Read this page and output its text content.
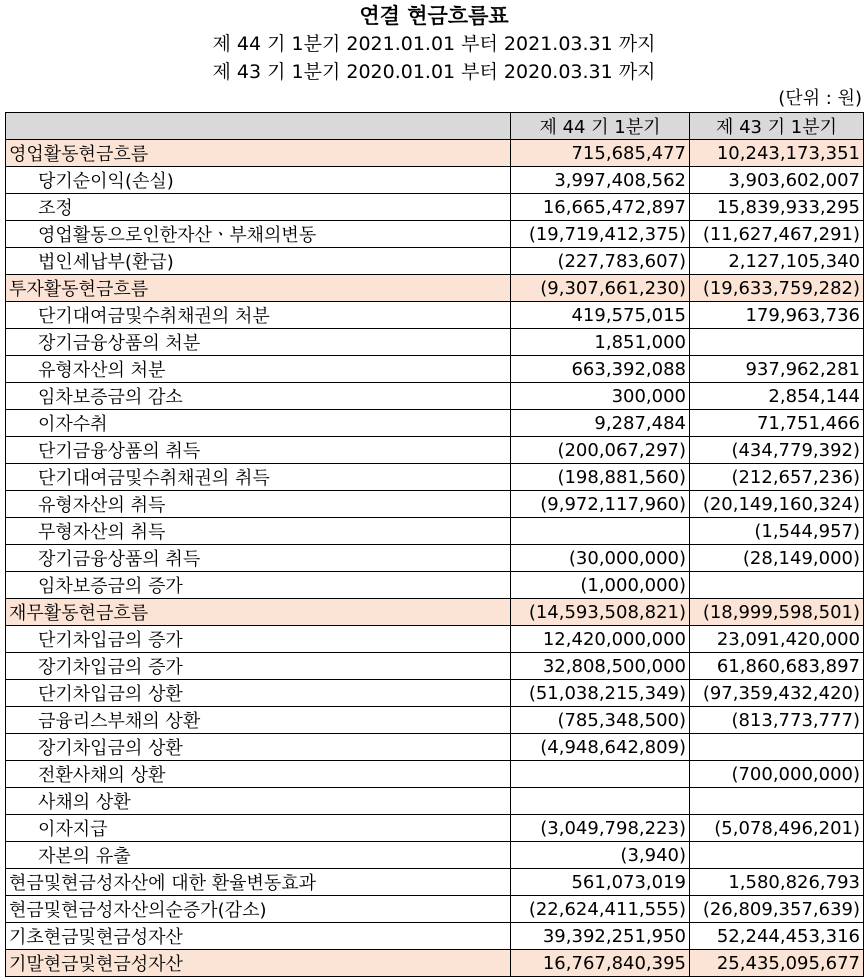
연결 현금흐름표
제 44 기 1분기 2021.01.01 부터 2021.03.31 까지
제 43 기 1분기 2020.01.01 부터 2020.03.31 까지
(단위 : 원)
	제 44 기 1분기	제 43 기 1분기
영업활동현금흐름	715,685,477	10,243,173,351
당기순이익(손실)	3,997,408,562	3,903,602,007
조정	16,665,472,897	15,839,933,295
영업활동으로인한자산ㆍ부채의변동	(19,719,412,375)	(11,627,467,291)
법인세납부(환급)	(227,783,607)	2,127,105,340
투자활동현금흐름	(9,307,661,230)	(19,633,759,282)
단기대여금및수취채권의 처분	419,575,015	179,963,736
장기금융상품의 처분	1,851,000	
유형자산의 처분	663,392,088	937,962,281
임차보증금의 감소	300,000	2,854,144
이자수취	9,287,484	71,751,466
단기금융상품의 취득	(200,067,297)	(434,779,392)
단기대여금및수취채권의 취득	(198,881,560)	(212,657,236)
유형자산의 취득	(9,972,117,960)	(20,149,160,324)
무형자산의 취득		(1,544,957)
장기금융상품의 취득	(30,000,000)	(28,149,000)
임차보증금의 증가	(1,000,000)	
재무활동현금흐름	(14,593,508,821)	(18,999,598,501)
단기차입금의 증가	12,420,000,000	23,091,420,000
장기차입금의 증가	32,808,500,000	61,860,683,897
단기차입금의 상환	(51,038,215,349)	(97,359,432,420)
금융리스부채의 상환	(785,348,500)	(813,773,777)
장기차입금의 상환	(4,948,642,809)	
전환사채의 상환		(700,000,000)
사채의 상환		
이자지급	(3,049,798,223)	(5,078,496,201)
자본의 유출	(3,940)	
현금및현금성자산에 대한 환율변동효과	561,073,019	1,580,826,793
현금및현금성자산의순증가(감소)	(22,624,411,555)	(26,809,357,639)
기초현금및현금성자산	39,392,251,950	52,244,453,316
기말현금및현금성자산	16,767,840,395	25,435,095,677
